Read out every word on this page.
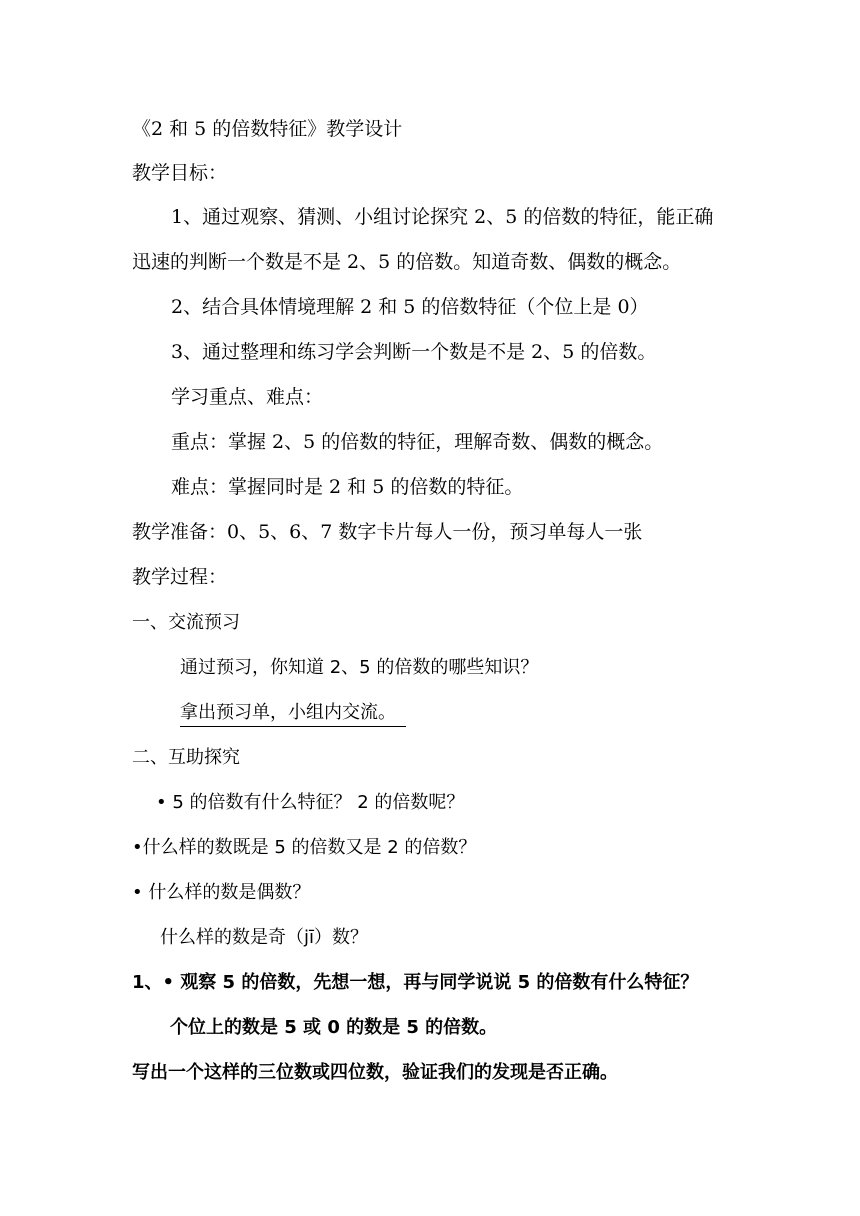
《2 和 5 的倍数特征》教学设计
教学目标：
1、通过观察、猜测、小组讨论探究 2、5 的倍数的特征，能正确
迅速的判断一个数是不是 2、5 的倍数。知道奇数、偶数的概念。
2、结合具体情境理解 2 和 5 的倍数特征（个位上是 0）
3、通过整理和练习学会判断一个数是不是 2、5 的倍数。
学习重点、难点：
重点：掌握 2、5 的倍数的特征，理解奇数、偶数的概念。
难点：掌握同时是 2 和 5 的倍数的特征。
教学准备：0、5、6、7 数字卡片每人一份，预习单每人一张
教学过程：
一、交流预习
通过预习，你知道 2、5 的倍数的哪些知识？
拿出预习单，小组内交流。
二、互助探究
• 5 的倍数有什么特征？ 2 的倍数呢？
•什么样的数既是 5 的倍数又是 2 的倍数？
• 什么样的数是偶数？
什么样的数是奇（jī）数？
1、• 观察 5 的倍数，先想一想，再与同学说说 5 的倍数有什么特征？
个位上的数是 5 或 0 的数是 5 的倍数。
写出一个这样的三位数或四位数，验证我们的发现是否正确。
